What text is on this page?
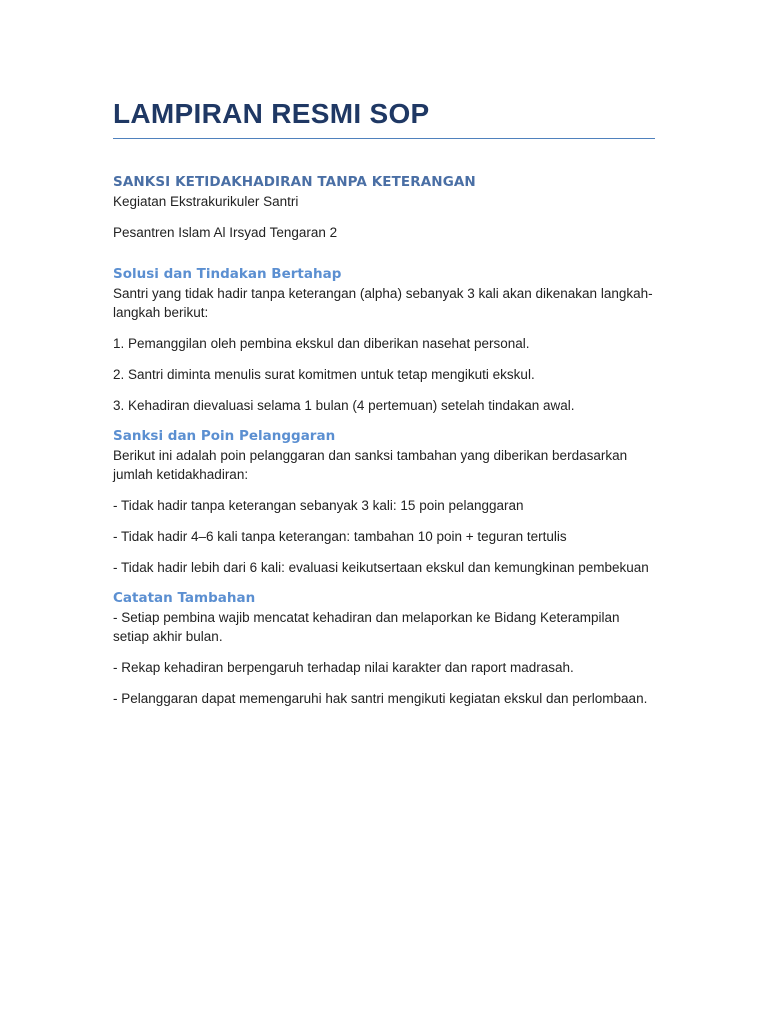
LAMPIRAN RESMI SOP
SANKSI KETIDAKHADIRAN TANPA KETERANGAN

Kegiatan Ekstrakurikuler Santri

Pesantren Islam Al Irsyad Tengaran 2

Solusi dan Tindakan Bertahap

Santri yang tidak hadir tanpa keterangan (alpha) sebanyak 3 kali akan dikenakan langkah-langkah berikut:

1. Pemanggilan oleh pembina ekskul dan diberikan nasehat personal.

2. Santri diminta menulis surat komitmen untuk tetap mengikuti ekskul.

3. Kehadiran dievaluasi selama 1 bulan (4 pertemuan) setelah tindakan awal.

Sanksi dan Poin Pelanggaran

Berikut ini adalah poin pelanggaran dan sanksi tambahan yang diberikan berdasarkan jumlah ketidakhadiran:

- Tidak hadir tanpa keterangan sebanyak 3 kali: 15 poin pelanggaran

- Tidak hadir 4–6 kali tanpa keterangan: tambahan 10 poin + teguran tertulis

- Tidak hadir lebih dari 6 kali: evaluasi keikutsertaan ekskul dan kemungkinan pembekuan

Catatan Tambahan

- Setiap pembina wajib mencatat kehadiran dan melaporkan ke Bidang Keterampilan setiap akhir bulan.

- Rekap kehadiran berpengaruh terhadap nilai karakter dan raport madrasah.

- Pelanggaran dapat memengaruhi hak santri mengikuti kegiatan ekskul dan perlombaan.
